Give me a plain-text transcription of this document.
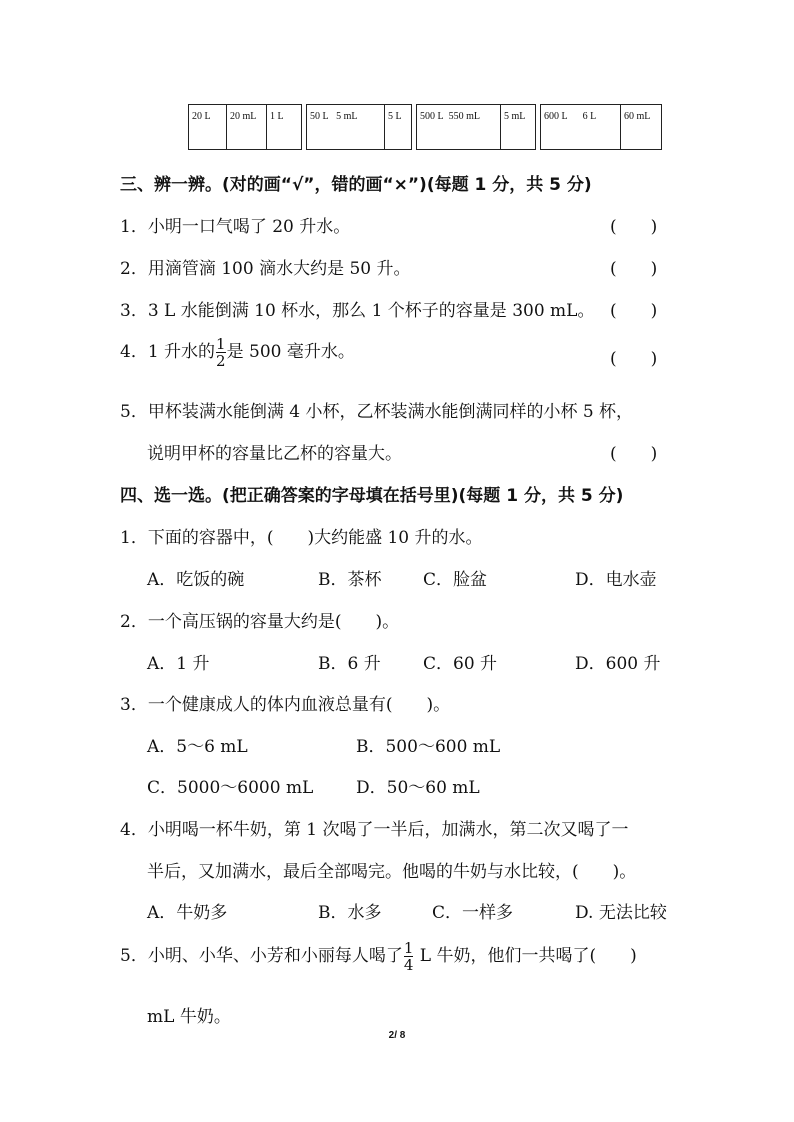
20 L	20 mL	1 L	50 L 5 mL	5 L	500 L 550 mL	5 mL	600 L 6 L	60 mL
三、辨一辨。(对的画“√”，错的画“×”)(每题 1 分，共 5 分)
1．小明一口气喝了 20 升水。	(　　)
2．用滴管滴 100 滴水大约是 50 升。	(　　)
3．3 L 水能倒满 10 杯水，那么 1 个杯子的容量是 300 mL。 (　　)
4．1 升水的 $\frac{1}{2}$ 是 500 毫升水。	(　　)
5．甲杯装满水能倒满 4 小杯，乙杯装满水能倒满同样的小杯 5 杯，
说明甲杯的容量比乙杯的容量大。	(　　)
四、选一选。(把正确答案的字母填在括号里)(每题 1 分，共 5 分)
1．下面的容器中，(　　)大约能盛 10 升的水。
A．吃饭的碗	B．茶杯 C．脸盆	D．电水壶
2．一个高压锅的容量大约是(　　)。
A．1 升	B．6 升 C．60 升	D．600 升
3．一个健康成人的体内血液总量有(　　)。
A．5～6 mL	B．500～600 mL
C．5000～6000 mL	D．50～60 mL
4．小明喝一杯牛奶，第 1 次喝了一半后，加满水，第二次又喝了一
半后，又加满水，最后全部喝完。他喝的牛奶与水比较，(　　)。
A．牛奶多	B．水多	C．一样多	D. 无法比较
5．小明、小华、小芳和小丽每人喝了 $\frac{1}{4}$ L 牛奶，他们一共喝了(　　)
mL 牛奶。
2/ 8
